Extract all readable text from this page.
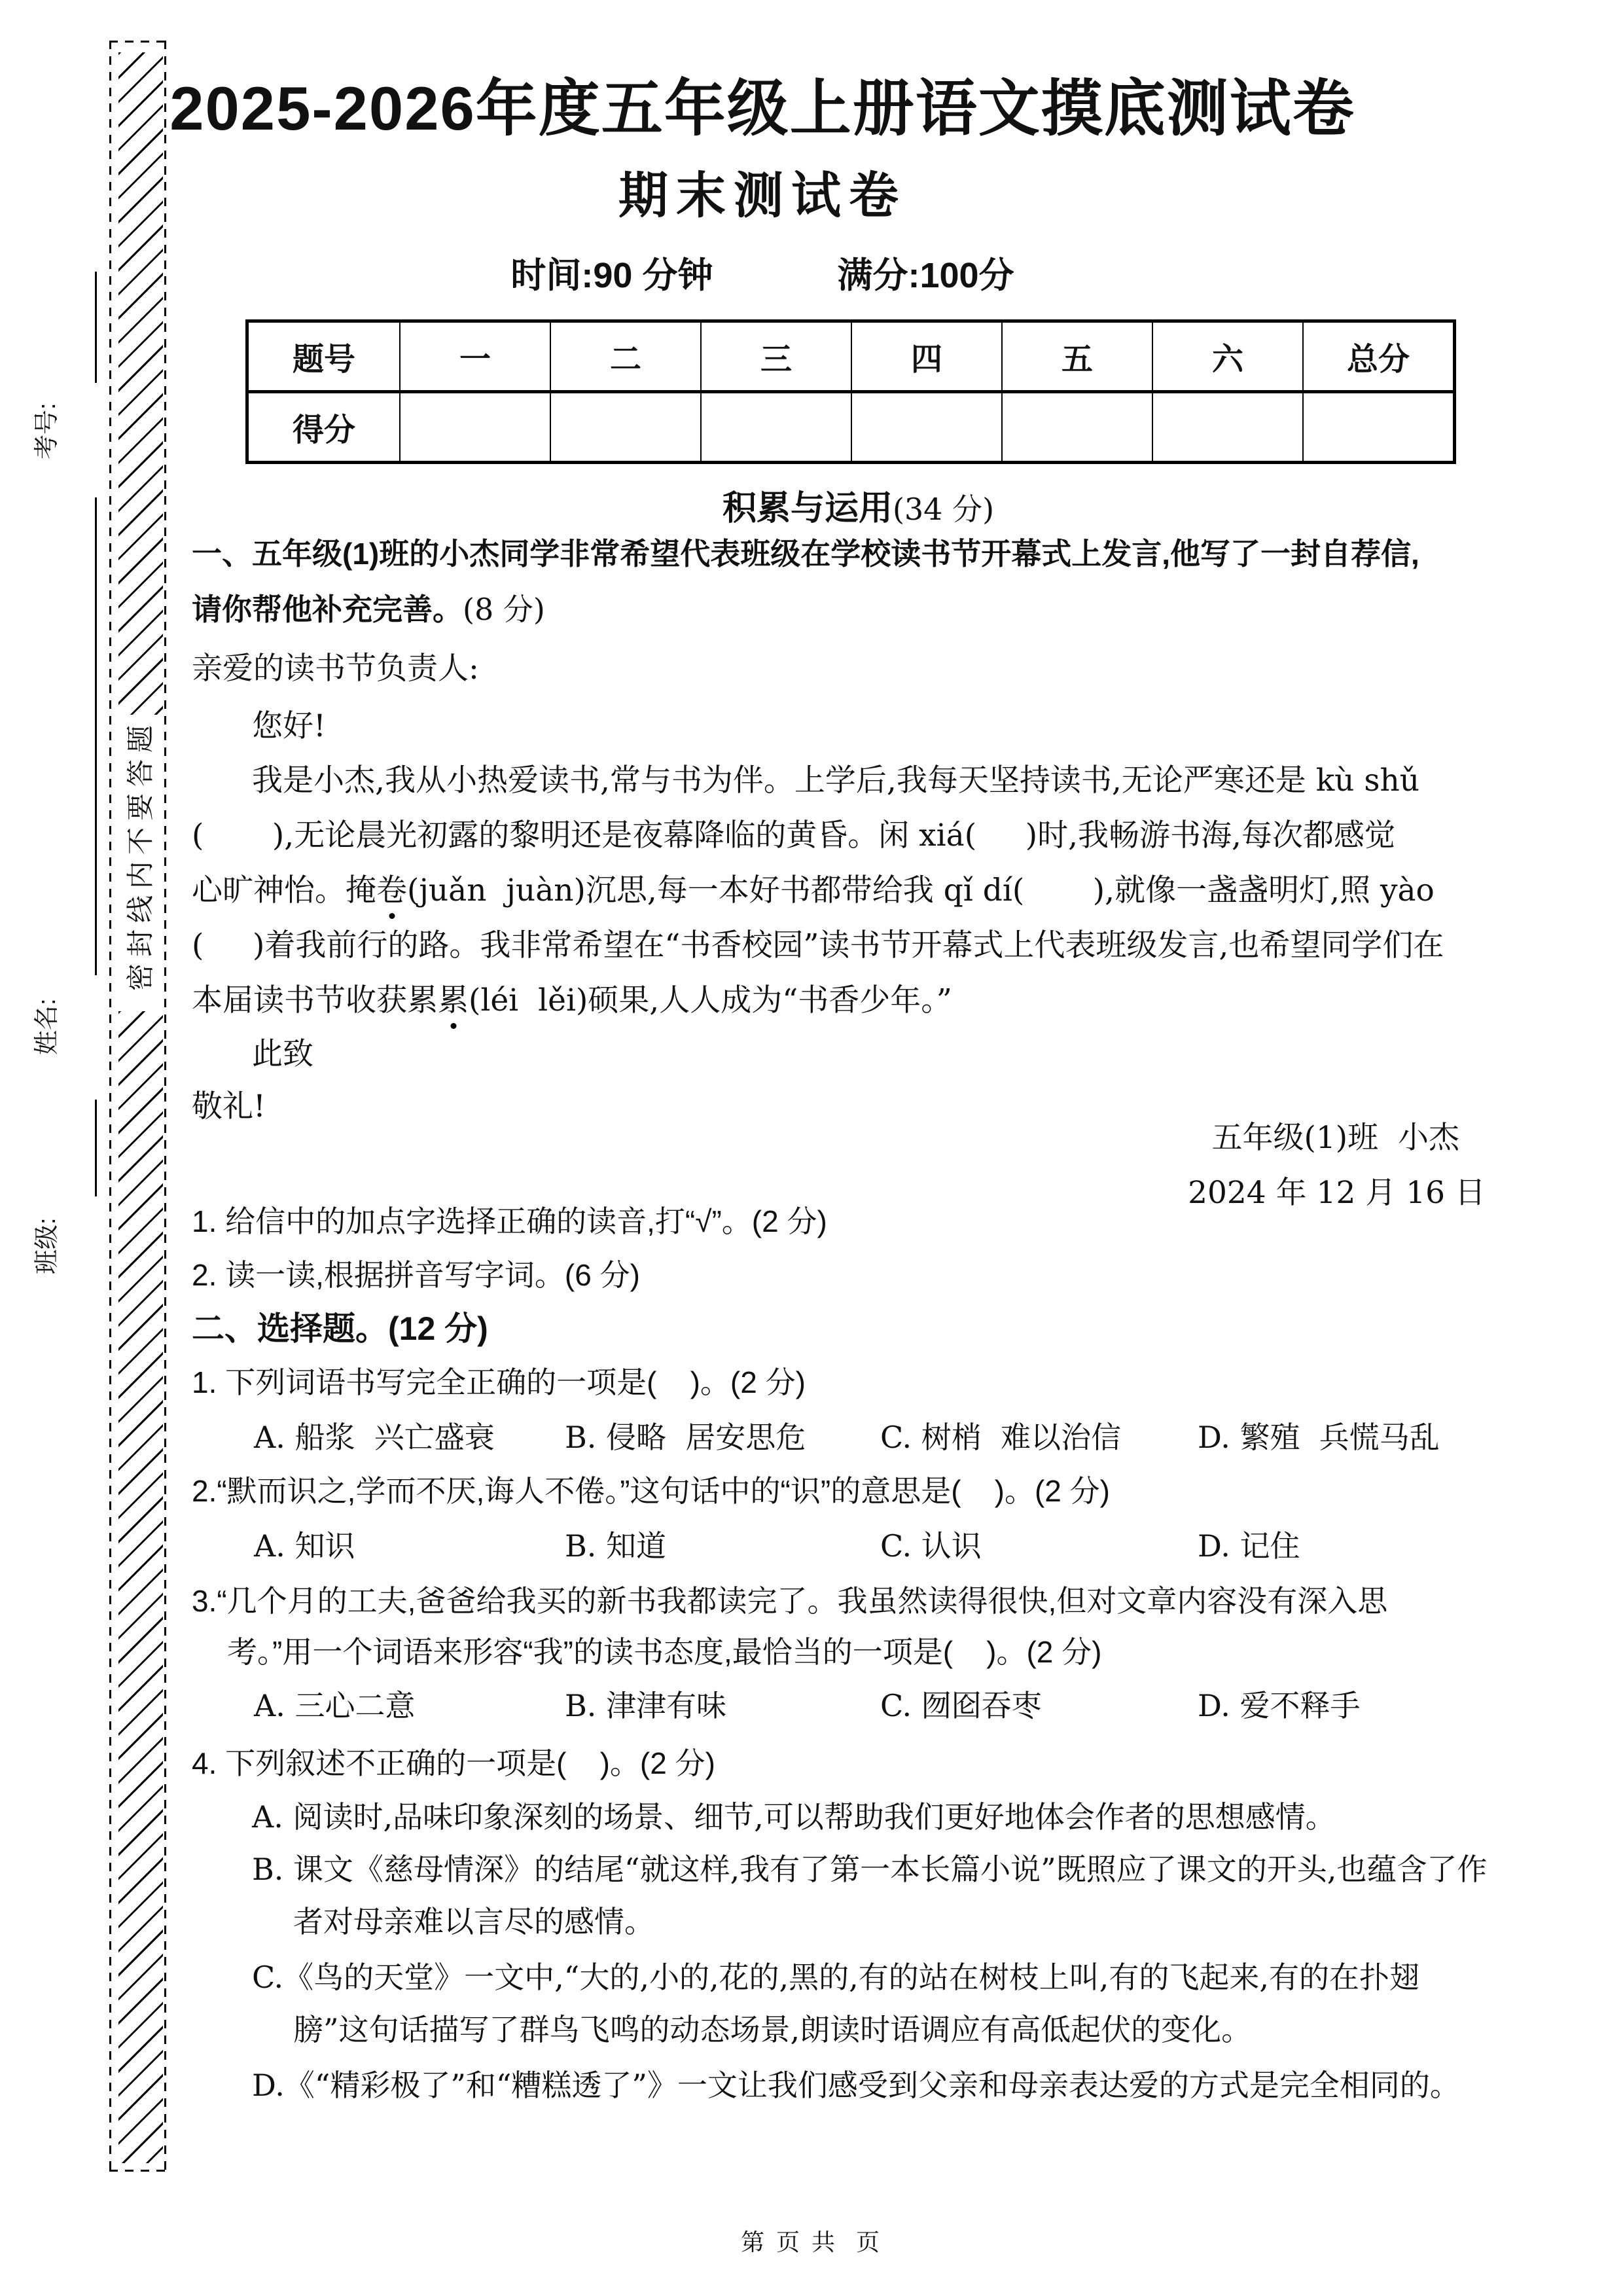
考号:
姓名:
班级:
题
答
要
不
内
线
封
密
2025-2026年度五年级上册语文摸底测试卷
期末测试卷
时间:90 分钟	满分:100分
题号	一	二	三	四	五	六	总分
得分
积累与运用(34 分)
一、五年级(1)班的小杰同学非常希望代表班级在学校读书节开幕式上发言,他写了一封自荐信,
请你帮他补充完善。(8 分)
亲爱的读书节负责人:
您好!
我是小杰,我从小热爱读书,常与书为伴。上学后,我每天坚持读书,无论严寒还是 kù shǔ
(       ),无论晨光初露的黎明还是夜幕降临的黄昏。闲 xiá(     )时,我畅游书海,每次都感觉
心旷神怡。掩卷(juǎn  juàn)沉思,每一本好书都带给我 qǐ dí(       ),就像一盏盏明灯,照 yào
(     )着我前行的路。我非常希望在“书香校园”读书节开幕式上代表班级发言,也希望同学们在
本届读书节收获累累(léi  lěi)硕果,人人成为“书香少年。”
此致
敬礼!
五年级(1)班  小杰
2024 年 12 月 16 日
1. 给信中的加点字选择正确的读音,打“√”。(2 分)
2. 读一读,根据拼音写字词。(6 分)
二、选择题。(12 分)
1. 下列词语书写完全正确的一项是(    )。(2 分)
A. 船浆  兴亡盛衰 B. 侵略  居安思危 C. 树梢  难以治信	D. 繁殖  兵慌马乱
2.“默而识之,学而不厌,诲人不倦。”这句话中的“识”的意思是(    )。(2 分)
A. 知识	B. 知道	C. 认识	D. 记住
3.“几个月的工夫,爸爸给我买的新书我都读完了。我虽然读得很快,但对文章内容没有深入思
考。”用一个词语来形容“我”的读书态度,最恰当的一项是(    )。(2 分)
A. 三心二意	B. 津津有味	C. 囫囵吞枣	D. 爱不释手
4. 下列叙述不正确的一项是(    )。(2 分)
A. 阅读时,品味印象深刻的场景、细节,可以帮助我们更好地体会作者的思想感情。
B. 课文《慈母情深》的结尾“就这样,我有了第一本长篇小说”既照应了课文的开头,也蕴含了作
者对母亲难以言尽的感情。
C.《鸟的天堂》一文中,“大的,小的,花的,黑的,有的站在树枝上叫,有的飞起来,有的在扑翅
膀”这句话描写了群鸟飞鸣的动态场景,朗读时语调应有高低起伏的变化。
D.《“精彩极了”和“糟糕透了”》一文让我们感受到父亲和母亲表达爱的方式是完全相同的。
第 页 共  页
